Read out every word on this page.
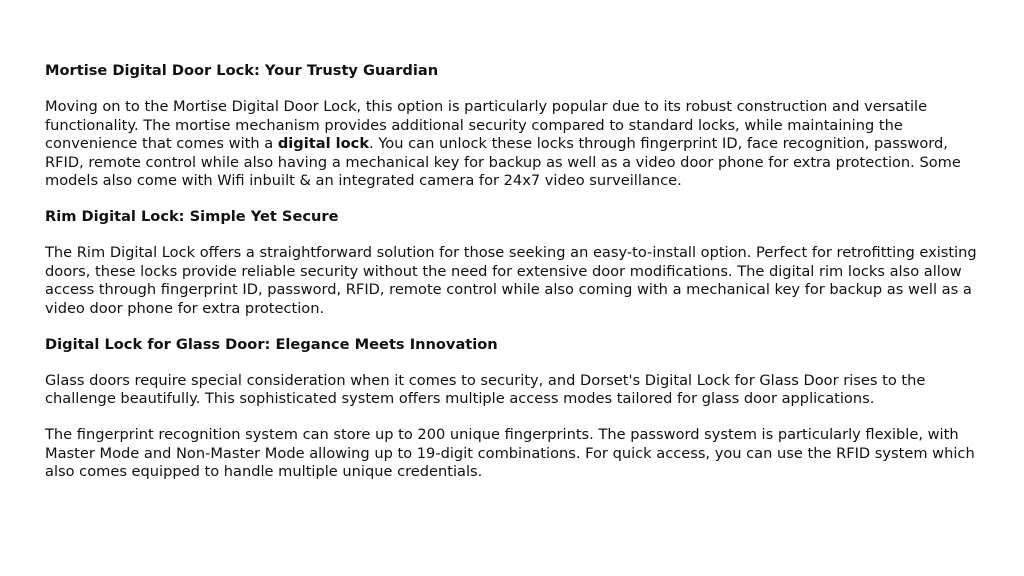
Mortise Digital Door Lock: Your Trusty Guardian

Moving on to the Mortise Digital Door Lock, this option is particularly popular due to its robust construction and versatile functionality. The mortise mechanism provides additional security compared to standard locks, while maintaining the convenience that comes with a digital lock. You can unlock these locks through fingerprint ID, face recognition, password, RFID, remote control while also having a mechanical key for backup as well as a video door phone for extra protection. Some models also come with Wifi inbuilt & an integrated camera for 24x7 video surveillance.

Rim Digital Lock: Simple Yet Secure

The Rim Digital Lock offers a straightforward solution for those seeking an easy-to-install option. Perfect for retrofitting existing doors, these locks provide reliable security without the need for extensive door modifications. The digital rim locks also allow access through fingerprint ID, password, RFID, remote control while also coming with a mechanical key for backup as well as a video door phone for extra protection.

Digital Lock for Glass Door: Elegance Meets Innovation

Glass doors require special consideration when it comes to security, and Dorset's Digital Lock for Glass Door rises to the challenge beautifully. This sophisticated system offers multiple access modes tailored for glass door applications.

The fingerprint recognition system can store up to 200 unique fingerprints. The password system is particularly flexible, with Master Mode and Non-Master Mode allowing up to 19-digit combinations. For quick access, you can use the RFID system which also comes equipped to handle multiple unique credentials.
